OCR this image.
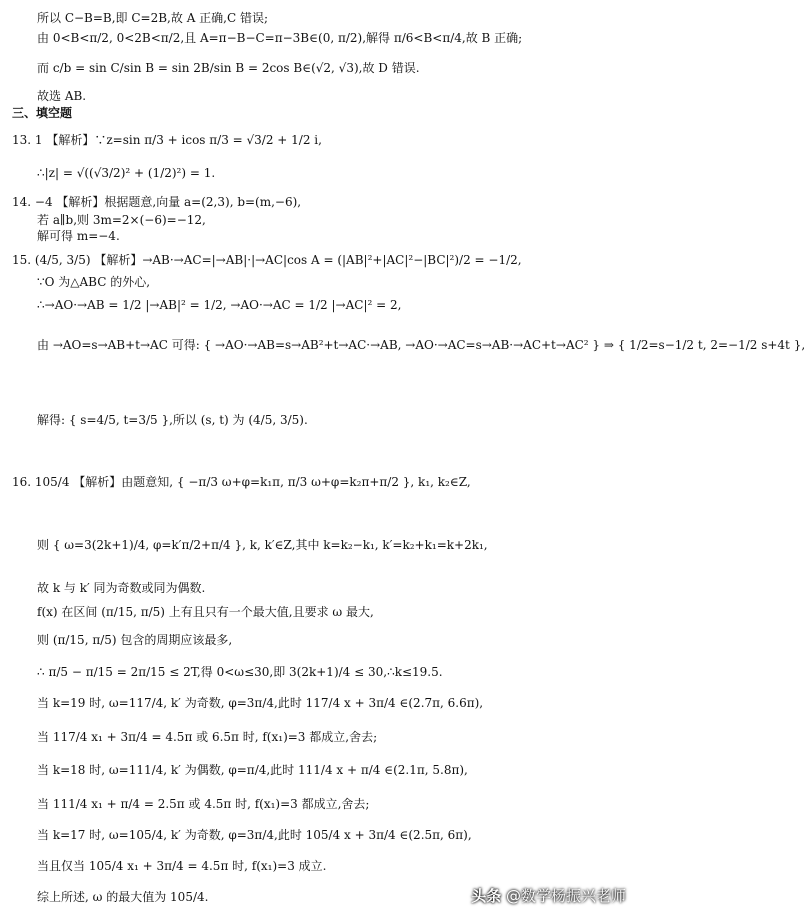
所以 C−B=B,即 C=2B,故 A 正确,C 错误;
由 0<B<π/2, 0<2B<π/2,且 A=π−B−C=π−3B∈(0, π/2),解得 π/6<B<π/4,故 B 正确;
而 c/b = sin C/sin B = sin 2B/sin B = 2cos B∈(√2, √3),故 D 错误.
故选 AB.
三、填空题
13. 1 【解析】∵z=sin π/3 + icos π/3 = √3/2 + 1/2 i,
∴|z| = √((√3/2)² + (1/2)²) = 1.
14. −4 【解析】根据题意,向量 a=(2,3), b=(m,−6),
若 a∥b,则 3m=2×(−6)=−12,
解可得 m=−4.
15. (4/5, 3/5) 【解析】→AB·→AC=|→AB|·|→AC|cos A = (|AB|²+|AC|²−|BC|²)/2 = −1/2,
∵O 为△ABC 的外心,
∴→AO·→AB = 1/2 |→AB|² = 1/2, →AO·→AC = 1/2 |→AC|² = 2,
由 →AO=s→AB+t→AC 可得: { →AO·→AB=s→AB²+t→AC·→AB, →AO·→AC=s→AB·→AC+t→AC² } ⇒ { 1/2=s−1/2 t, 2=−1/2 s+4t },
解得: { s=4/5, t=3/5 },所以 (s, t) 为 (4/5, 3/5).
16. 105/4 【解析】由题意知, { −π/3 ω+φ=k₁π, π/3 ω+φ=k₂π+π/2 }, k₁, k₂∈Z,
则 { ω=3(2k+1)/4, φ=k′π/2+π/4 }, k, k′∈Z,其中 k=k₂−k₁, k′=k₂+k₁=k+2k₁,
故 k 与 k′ 同为奇数或同为偶数.
f(x) 在区间 (π/15, π/5) 上有且只有一个最大值,且要求 ω 最大,
则 (π/15, π/5) 包含的周期应该最多,
∴ π/5 − π/15 = 2π/15 ≤ 2T,得 0<ω≤30,即 3(2k+1)/4 ≤ 30,∴k≤19.5.
当 k=19 时, ω=117/4, k′ 为奇数, φ=3π/4,此时 117/4 x + 3π/4 ∈(2.7π, 6.6π),
当 117/4 x₁ + 3π/4 = 4.5π 或 6.5π 时, f(x₁)=3 都成立,舍去;
当 k=18 时, ω=111/4, k′ 为偶数, φ=π/4,此时 111/4 x + π/4 ∈(2.1π, 5.8π),
当 111/4 x₁ + π/4 = 2.5π 或 4.5π 时, f(x₁)=3 都成立,舍去;
当 k=17 时, ω=105/4, k′ 为奇数, φ=3π/4,此时 105/4 x + 3π/4 ∈(2.5π, 6π),
当且仅当 105/4 x₁ + 3π/4 = 4.5π 时, f(x₁)=3 成立.
综上所述, ω 的最大值为 105/4.	头条 @数学杨振兴老师
